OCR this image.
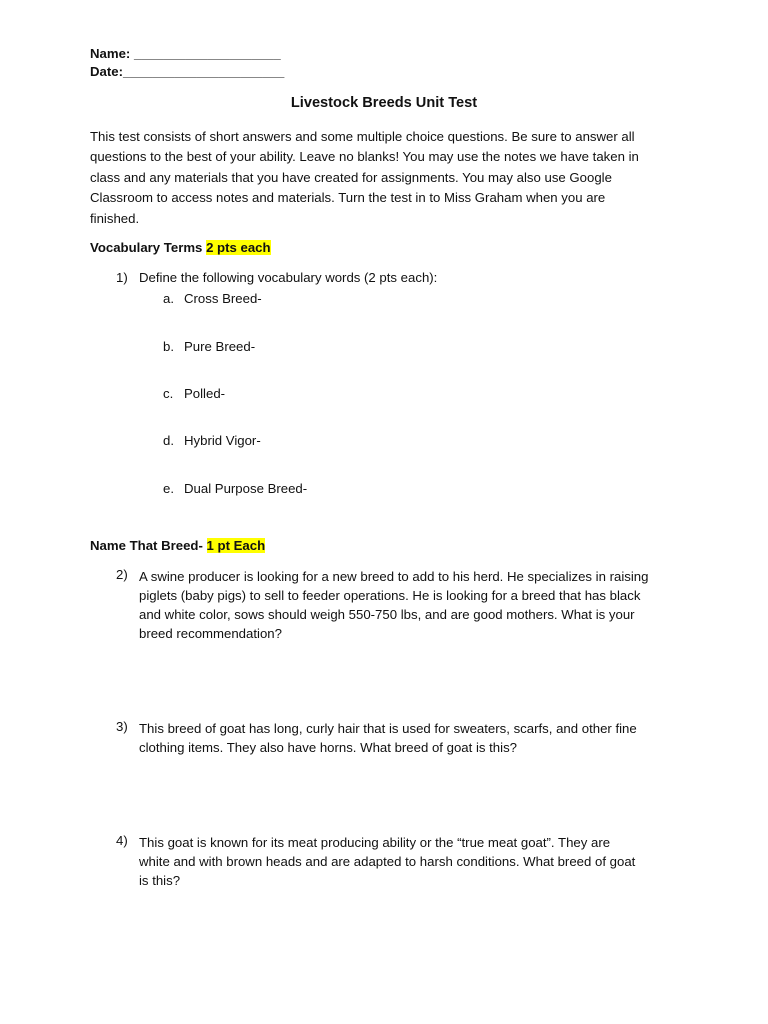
Name: ____________________
Date:______________________
Livestock Breeds Unit Test
This test consists of short answers and some multiple choice questions. Be sure to answer all
questions to the best of your ability. Leave no blanks! You may use the notes we have taken in
class and any materials that you have created for assignments. You may also use Google
Classroom to access notes and materials. Turn the test in to Miss Graham when you are
finished.
Vocabulary Terms 2 pts each
1) Define the following vocabulary words (2 pts each):
a. Cross Breed-
b. Pure Breed-
c. Polled-
d. Hybrid Vigor-
e. Dual Purpose Breed-
Name That Breed- 1 pt Each
2) A swine producer is looking for a new breed to add to his herd. He specializes in raising
piglets (baby pigs) to sell to feeder operations. He is looking for a breed that has black
and white color, sows should weigh 550-750 lbs, and are good mothers. What is your
breed recommendation?
3) This breed of goat has long, curly hair that is used for sweaters, scarfs, and other fine
clothing items. They also have horns. What breed of goat is this?
4) This goat is known for its meat producing ability or the “true meat goat”. They are
white and with brown heads and are adapted to harsh conditions. What breed of goat
is this?
